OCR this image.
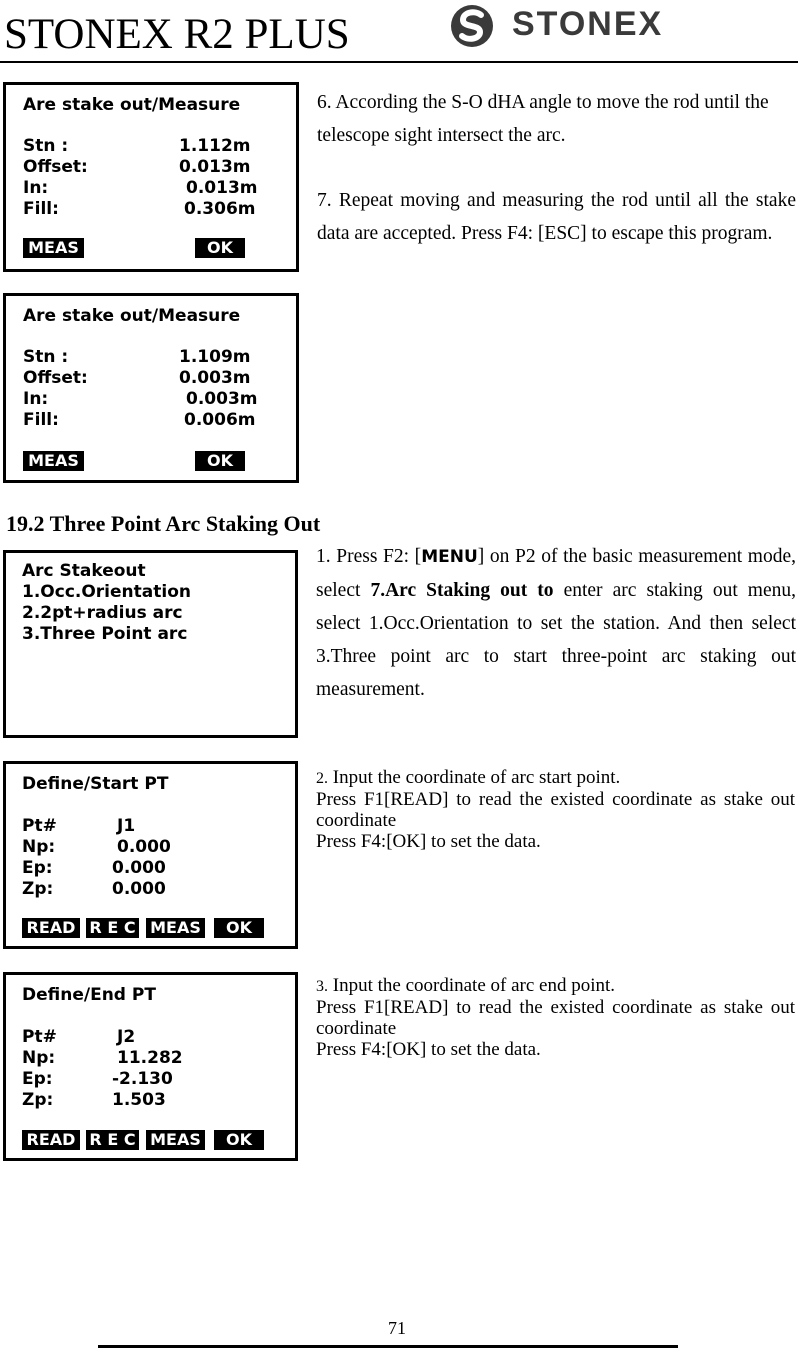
STONEX R2 PLUS	STONEX
Are stake out/Measure
Stn :	1.112m
Offset:	0.013m
In:	0.013m
Fill:	0.306m
MEAS	OK
Are stake out/Measure
Stn :	1.109m
Offset:	0.003m
In:	0.003m
Fill:	0.006m
MEAS	OK

6. According the S-O dHA angle to move the rod until the telescope sight intersect the arc.

7. Repeat moving and measuring the rod until all the stake data are accepted. Press F4: [ESC] to escape this program.

19.2 Three Point Arc Staking Out
Arc Stakeout
1.Occ.Orientation
2.2pt+radius arc
3.Three Point arc

1. Press F2: [MENU] on P2 of the basic measurement mode, select 7.Arc Staking out to enter arc staking out menu, select 1.Occ.Orientation to set the station. And then select 3.Three point arc to start three-point arc staking out measurement.

Define/Start PT
Pt#	J1
Np:	0.000
Ep:	0.000
Zp:	0.000
READ R E C MEAS	OK

2. Input the coordinate of arc start point.

Press F1[READ] to read the existed coordinate as stake out coordinate

Press F4:[OK] to set the data.

Define/End PT
Pt#	J2
Np:	11.282
Ep:	-2.130
Zp:	1.503
READ R E C MEAS	OK

3. Input the coordinate of arc end point.

Press F1[READ] to read the existed coordinate as stake out coordinate

Press F4:[OK] to set the data.

71
